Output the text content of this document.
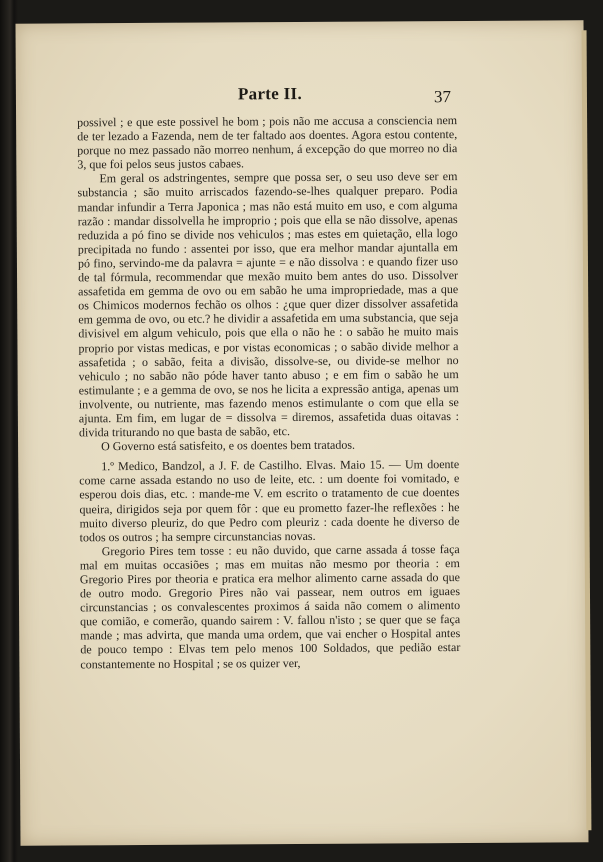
Parte II.	37

possivel ; e que este possivel he bom ; pois não me accusa a consciencia nem de ter lezado a Fazenda, nem de ter faltado aos doentes. Agora estou contente, porque no mez passado não morreo nenhum, á excepção do que morreo no dia 3, que foi pelos seus justos cabaes.

Em geral os adstringentes, sempre que possa ser, o seu uso deve ser em substancia ; são muito arriscados fazendo-se-lhes qualquer preparo. Podia mandar infundir a Terra Japonica ; mas não está muito em uso, e com alguma razão : mandar dissolvella he improprio ; pois que ella se não dissolve, apenas reduzida a pó fino se divide nos vehiculos ; mas estes em quietação, ella logo precipitada no fundo : assentei por isso, que era melhor mandar ajuntalla em pó fino, servindo-me da palavra = ajunte = e não dissolva : e quando fizer uso de tal fórmula, recommendar que mexão muito bem antes do uso. Dissolver assafetida em gemma de ovo ou em sabão he uma impropriedade, mas a que os Chimicos modernos fechão os olhos : ¿que quer dizer dissolver assafetida em gemma de ovo, ou etc.? he dividir a assafetida em uma substancia, que seja divisivel em algum vehiculo, pois que ella o não he : o sabão he muito mais proprio por vistas medicas, e por vistas economicas ; o sabão divide melhor a assafetida ; o sabão, feita a divisão, dissolve-se, ou divide-se melhor no vehiculo ; no sabão não póde haver tanto abuso ; e em fim o sabão he um estimulante ; e a gemma de ovo, se nos he licita a expressão antiga, apenas um involvente, ou nutriente, mas fazendo menos estimulante o com que ella se ajunta. Em fim, em lugar de = dissolva = diremos, assafetida duas oitavas : divida triturando no que basta de sabão, etc.

O Governo está satisfeito, e os doentes bem tratados.

1.º Medico, Bandzol, a J. F. de Castilho. Elvas. Maio 15. — Um doente come carne assada estando no uso de leite, etc. : um doente foi vomitado, e esperou dois dias, etc. : mande-me V. em escrito o tratamento de cue doentes queira, dirigidos seja por quem fôr : que eu prometto fazer-lhe reflexões : he muito diverso pleuriz, do que Pedro com pleuriz : cada doente he diverso de todos os outros ; ha sempre circunstancias novas.

Gregorio Pires tem tosse : eu não duvido, que carne assada á tosse faça mal em muitas occasiões ; mas em muitas não mesmo por theoria : em Gregorio Pires por theoria e pratica era melhor alimento carne assada do que de outro modo. Gregorio Pires não vai passear, nem outros em iguaes circunstancias ; os convalescentes proximos á saida não comem o alimento que comião, e comerão, quando sairem : V. fallou n'isto ; se quer que se faça mande ; mas advirta, que manda uma ordem, que vai encher o Hospital antes de pouco tempo : Elvas tem pelo menos 100 Soldados, que pedião estar constantemente no Hospital ; se os quizer ver,
